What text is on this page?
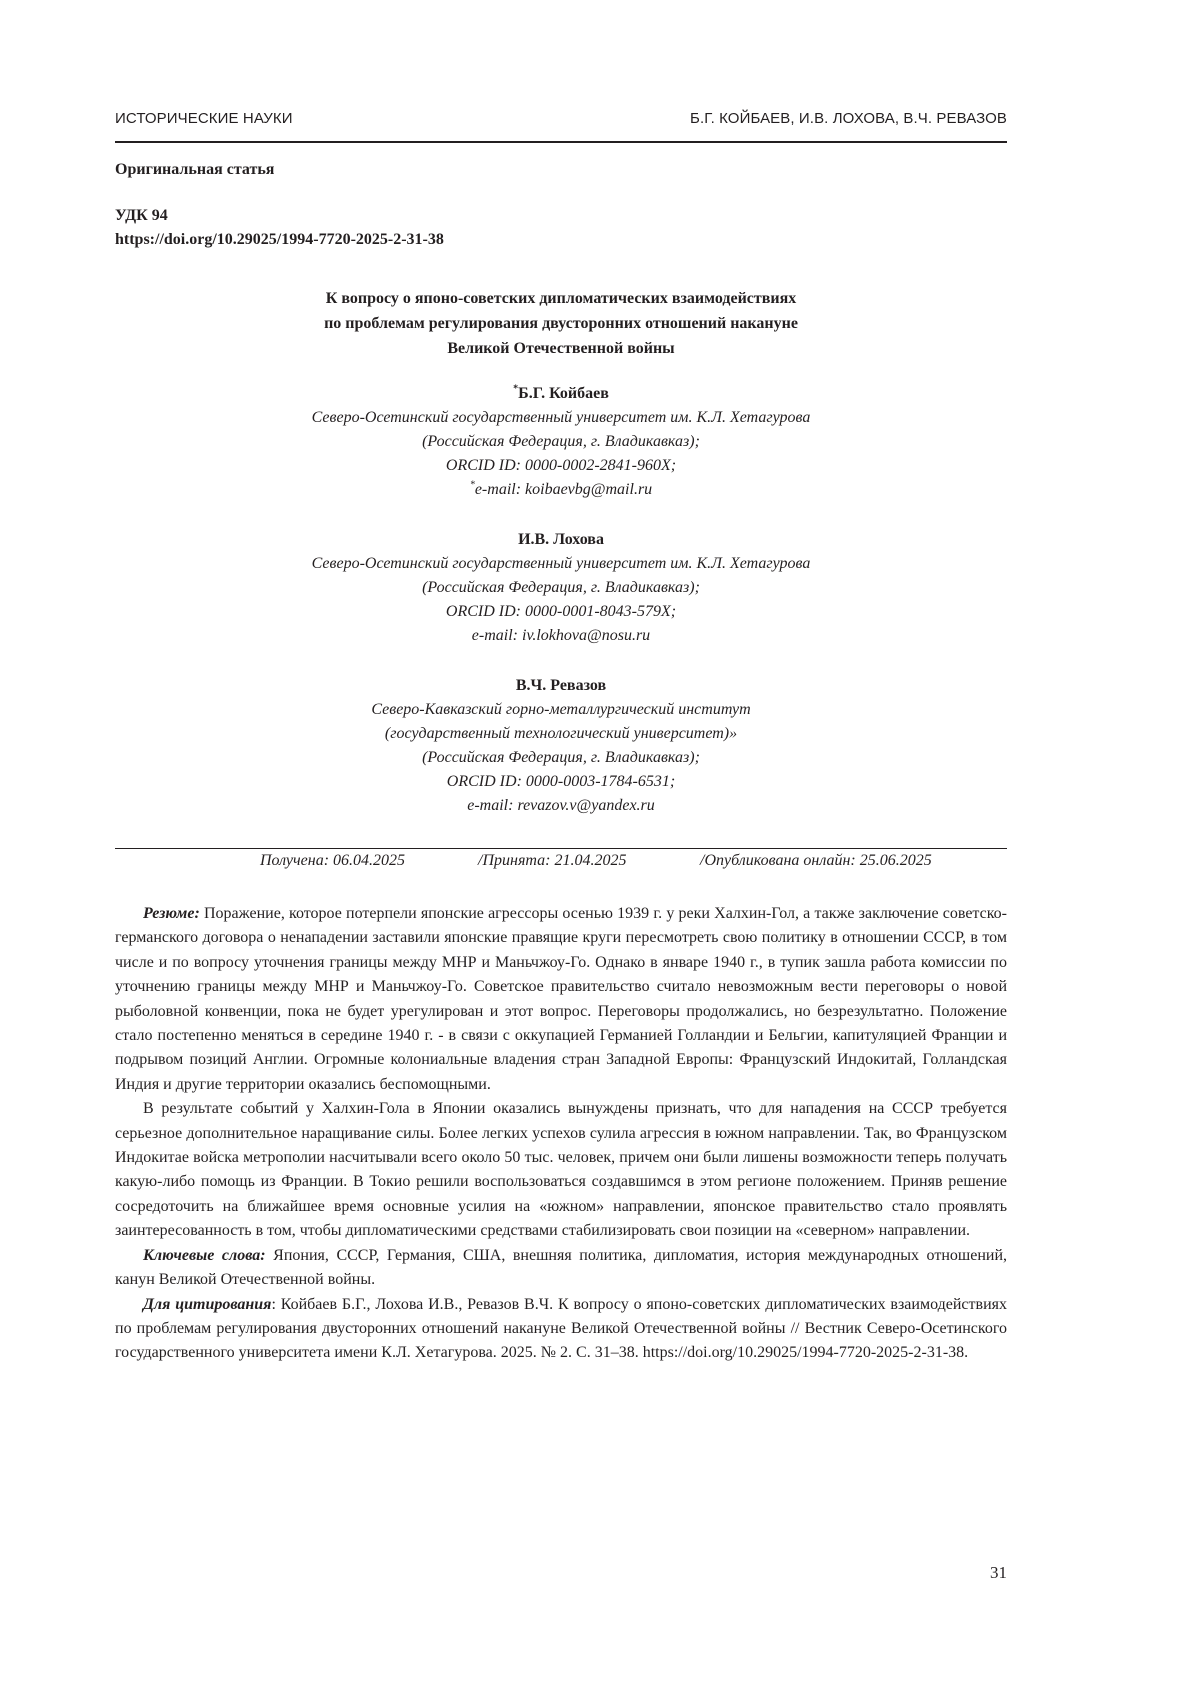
ИСТОРИЧЕСКИЕ НАУКИ	Б.Г. КОЙБАЕВ, И.В. ЛОХОВА, В.Ч. РЕВАЗОВ
Оригинальная статья
УДК 94
https://doi.org/10.29025/1994-7720-2025-2-31-38
К вопросу о японо-советских дипломатических взаимодействиях
по проблемам регулирования двусторонних отношений накануне
Великой Отечественной войны
*Б.Г. Койбаев
Северо-Осетинский государственный университет им. К.Л. Хетагурова
(Российская Федерация, г. Владикавказ);
ORCID ID: 0000-0002-2841-960X;
*e-mail: koibaevbg@mail.ru
И.В. Лохова
Северо-Осетинский государственный университет им. К.Л. Хетагурова
(Российская Федерация, г. Владикавказ);
ORCID ID: 0000-0001-8043-579X;
e-mail: iv.lokhova@nosu.ru
В.Ч. Ревазов
Северо-Кавказский горно-металлургический институт
(государственный технологический университет)»
(Российская Федерация, г. Владикавказ);
ORCID ID: 0000-0003-1784-6531;
e-mail: revazov.v@yandex.ru
Получена: 06.04.2025	/Принята: 21.04.2025	/Опубликована онлайн: 25.06.2025

Резюме: Поражение, которое потерпели японские агрессоры осенью 1939 г. у реки Халхин-Гол, а также заключение советско-германского договора о ненападении заставили японские правящие круги пересмотреть свою политику в отношении СССР, в том числе и по вопросу уточнения границы между МНР и Маньчжоу-Го. Однако в январе 1940 г., в тупик зашла работа комиссии по уточнению границы между МНР и Маньчжоу-Го. Советское правительство считало невозможным вести переговоры о новой рыболовной конвенции, пока не будет урегулирован и этот вопрос. Переговоры продолжались, но безрезультатно. Положение стало постепенно меняться в середине 1940 г. - в связи с оккупацией Германией Голландии и Бельгии, капитуляцией Франции и подрывом позиций Англии. Огромные колониальные владения стран Западной Европы: Французский Индокитай, Голландская Индия и другие территории оказались беспомощными.

В результате событий у Халхин-Гола в Японии оказались вынуждены признать, что для нападения на СССР требуется серьезное дополнительное наращивание силы. Более легких успехов сулила агрессия в южном направлении. Так, во Французском Индокитае войска метрополии насчитывали всего около 50 тыс. человек, причем они были лишены возможности теперь получать какую-либо помощь из Франции. В Токио решили воспользоваться создавшимся в этом регионе положением. Приняв решение сосредоточить на ближайшее время основные усилия на «южном» направлении, японское правительство стало проявлять заинтересованность в том, чтобы дипломатическими средствами стабилизировать свои позиции на «северном» направлении.

Ключевые слова: Япония, СССР, Германия, США, внешняя политика, дипломатия, история международных отношений, канун Великой Отечественной войны.

Для цитирования: Койбаев Б.Г., Лохова И.В., Ревазов В.Ч. К вопросу о японо-советских дипломатических взаимодействиях по проблемам регулирования двусторонних отношений накануне Великой Отечественной войны // Вестник Северо-Осетинского государственного университета имени К.Л. Хетагурова. 2025. № 2. С. 31–38. https://doi.org/10.29025/1994-7720-2025-2-31-38.

31
